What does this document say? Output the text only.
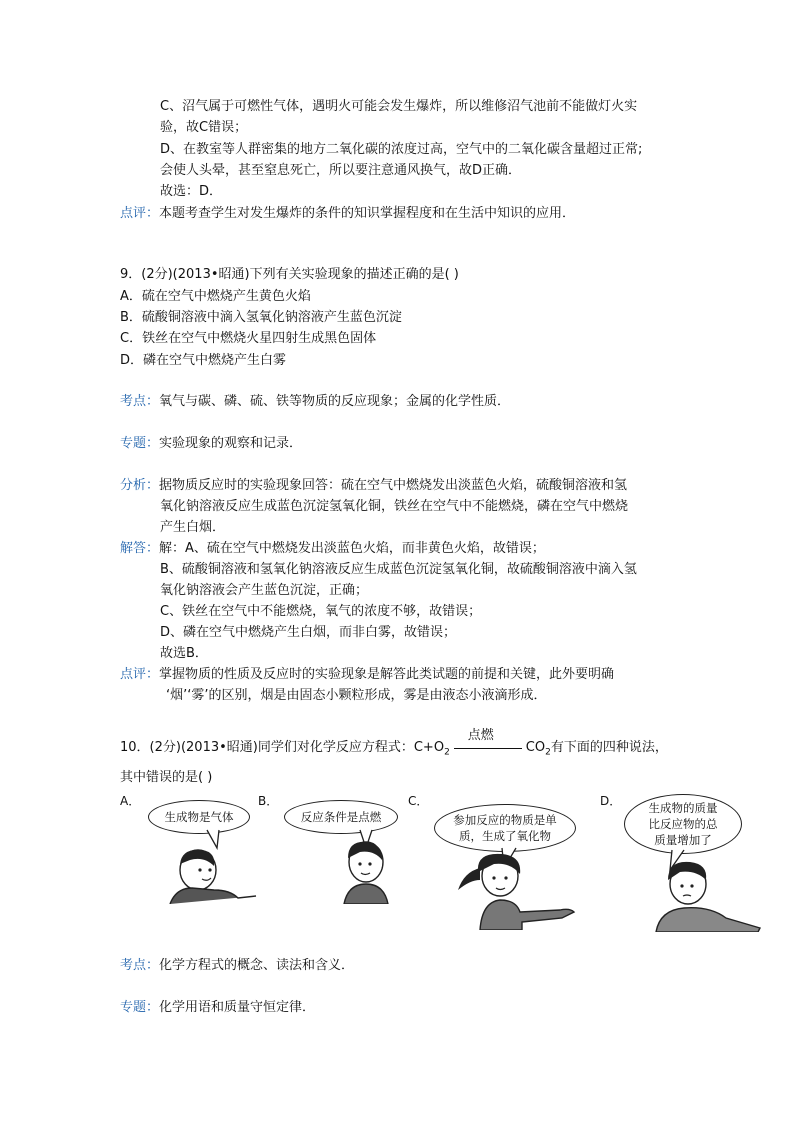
C、沼气属于可燃性气体，遇明火可能会发生爆炸，所以维修沼气池前不能做灯火实
验，故C错误；
D、在教室等人群密集的地方二氧化碳的浓度过高，空气中的二氧化碳含量超过正常;
会使人头晕，甚至窒息死亡，所以要注意通风换气，故D正确．
故选：D．
点评：本题考查学生对发生爆炸的条件的知识掌握程度和在生活中知识的应用．
9．(2分)(2013•昭通)下列有关实验现象的描述正确的是( )
A．硫在空气中燃烧产生黄色火焰
B．硫酸铜溶液中滴入氢氧化钠溶液产生蓝色沉淀
C．铁丝在空气中燃烧火星四射生成黑色固体
D．磷在空气中燃烧产生白雾
考点：氧气与碳、磷、硫、铁等物质的反应现象；金属的化学性质．
专题：实验现象的观察和记录．
分析：据物质反应时的实验现象回答：硫在空气中燃烧发出淡蓝色火焰，硫酸铜溶液和氢
氧化钠溶液反应生成蓝色沉淀氢氧化铜，铁丝在空气中不能燃烧，磷在空气中燃烧
产生白烟．
解答：解：A、硫在空气中燃烧发出淡蓝色火焰，而非黄色火焰，故错误；
B、硫酸铜溶液和氢氧化钠溶液反应生成蓝色沉淀氢氧化铜，故硫酸铜溶液中滴入氢
氧化钠溶液会产生蓝色沉淀，正确；
C、铁丝在空气中不能燃烧，氧气的浓度不够，故错误；
D、磷在空气中燃烧产生白烟，而非白雾，故错误；
故选B．
点评：掌握物质的性质及反应时的实验现象是解答此类试题的前提和关键，此外要明确
‘烟’‘雾’的区别，烟是由固态小颗粒形成，雾是由液态小液滴形成．
10．(2分)(2013•昭通)同学们对化学反应方程式：$C+O_2$
点燃
$CO_2$有下面的四种说法，
其中错误的是( )
A．	B．	C．	D．
生成物是气体	反应条件是点燃	参加反应的物质是单
质，生成了氧化物
生成物的质量
比反应物的总
质量增加了
考点：化学方程式的概念、读法和含义．
专题：化学用语和质量守恒定律．
